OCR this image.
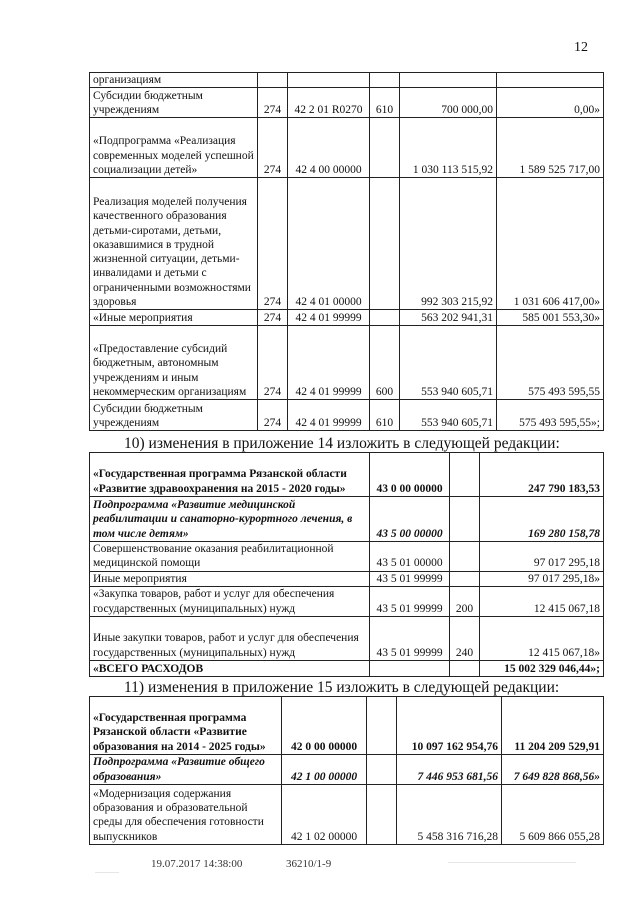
12
организациям					
Субсидии бюджетным учреждениям	274	42 2 01 R0270	610	700 000,00	0,00»
«Подпрограмма «Реализация современных моделей успешной социализации детей»	274	42 4 00 00000		1 030 113 515,92	1 589 525 717,00
Реализация моделей получения качественного образования детьми-сиротами, детьми, оказавшимися в трудной жизненной ситуации, детьми-инвалидами и детьми с ограниченными возможностями здоровья	274	42 4 01 00000		992 303 215,92	1 031 606 417,00»
«Иные мероприятия	274	42 4 01 99999		563 202 941,31	585 001 553,30»
«Предоставление субсидий бюджетным, автономным учреждениям и иным некоммерческим организациям	274	42 4 01 99999	600	553 940 605,71	575 493 595,55
Субсидии бюджетным учреждениям	274	42 4 01 99999	610	553 940 605,71	575 493 595,55»;
10) изменения в приложение 14 изложить в следующей редакции:
«Государственная программа Рязанской области «Развитие здравоохранения на 2015 - 2020 годы»	43 0 00 00000		247 790 183,53
Подпрограмма «Развитие медицинской реабилитации и санаторно-курортного лечения, в том числе детям»	43 5 00 00000		169 280 158,78
Совершенствование оказания реабилитационной медицинской помощи	43 5 01 00000		97 017 295,18
Иные мероприятия	43 5 01 99999		97 017 295,18»
«Закупка товаров, работ и услуг для обеспечения государственных (муниципальных) нужд	43 5 01 99999	200	12 415 067,18
Иные закупки товаров, работ и услуг для обеспечения государственных (муниципальных) нужд	43 5 01 99999	240	12 415 067,18»
«ВСЕГО РАСХОДОВ			15 002 329 046,44»;
11) изменения в приложение 15 изложить в следующей редакции:
«Государственная программа Рязанской области «Развитие образования на 2014 - 2025 годы»	42 0 00 00000		10 097 162 954,76	11 204 209 529,91
Подпрограмма «Развитие общего образования»	42 1 00 00000		7 446 953 681,56	7 649 828 868,56»
«Модернизация содержания образования и образовательной среды для обеспечения готовности выпускников	42 1 02 00000		5 458 316 716,28	5 609 866 055,28
19.07.2017 14:38:00	36210/1-9
